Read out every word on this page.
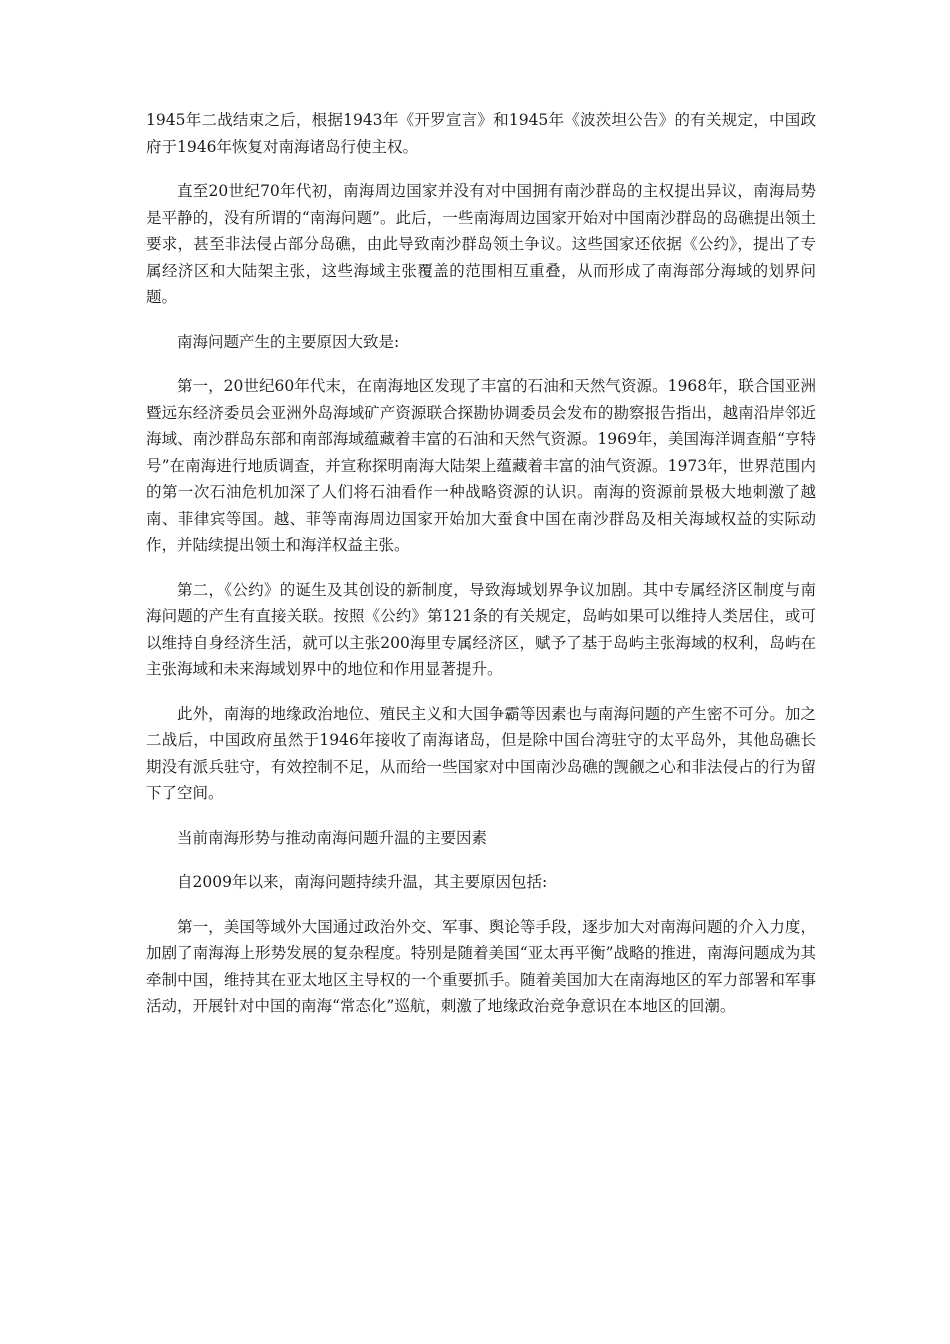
1945年二战结束之后，根据1943年《开罗宣言》和1945年《波茨坦公告》的有关规定，中国政府于1946年恢复对南海诸岛行使主权。

直至20世纪70年代初，南海周边国家并没有对中国拥有南沙群岛的主权提出异议，南海局势是平静的，没有所谓的“南海问题”。此后，一些南海周边国家开始对中国南沙群岛的岛礁提出领土要求，甚至非法侵占部分岛礁，由此导致南沙群岛领土争议。这些国家还依据《公约》，提出了专属经济区和大陆架主张，这些海域主张覆盖的范围相互重叠，从而形成了南海部分海域的划界问题。

南海问题产生的主要原因大致是:

第一，20世纪60年代末，在南海地区发现了丰富的石油和天然气资源。1968年，联合国亚洲暨远东经济委员会亚洲外岛海域矿产资源联合探勘协调委员会发布的勘察报告指出，越南沿岸邻近海域、南沙群岛东部和南部海域蕴藏着丰富的石油和天然气资源。1969年，美国海洋调查船“亨特号”在南海进行地质调查，并宣称探明南海大陆架上蕴藏着丰富的油气资源。1973年，世界范围内的第一次石油危机加深了人们将石油看作一种战略资源的认识。南海的资源前景极大地刺激了越南、菲律宾等国。越、菲等南海周边国家开始加大蚕食中国在南沙群岛及相关海域权益的实际动作，并陆续提出领土和海洋权益主张。

第二，《公约》的诞生及其创设的新制度，导致海域划界争议加剧。其中专属经济区制度与南海问题的产生有直接关联。按照《公约》第121条的有关规定，岛屿如果可以维持人类居住，或可以维持自身经济生活，就可以主张200海里专属经济区，赋予了基于岛屿主张海域的权利，岛屿在主张海域和未来海域划界中的地位和作用显著提升。

此外，南海的地缘政治地位、殖民主义和大国争霸等因素也与南海问题的产生密不可分。加之二战后，中国政府虽然于1946年接收了南海诸岛，但是除中国台湾驻守的太平岛外，其他岛礁长期没有派兵驻守，有效控制不足，从而给一些国家对中国南沙岛礁的觊觎之心和非法侵占的行为留下了空间。

当前南海形势与推动南海问题升温的主要因素

自2009年以来，南海问题持续升温，其主要原因包括:

第一，美国等域外大国通过政治外交、军事、舆论等手段，逐步加大对南海问题的介入力度，加剧了南海海上形势发展的复杂程度。特别是随着美国“亚太再平衡”战略的推进，南海问题成为其牵制中国，维持其在亚太地区主导权的一个重要抓手。随着美国加大在南海地区的军力部署和军事活动，开展针对中国的南海“常态化”巡航，刺激了地缘政治竞争意识在本地区的回潮。
